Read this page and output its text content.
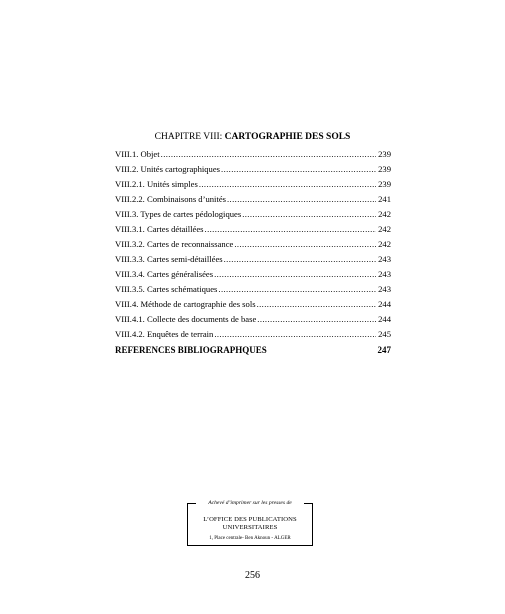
CHAPITRE VIII: CARTOGRAPHIE DES SOLS
VIII.1. Objet .....	239
VIII.2. Unités cartographiques .....	239
VIII.2.1. Unités simples .....	239
VIII.2.2. Combinaisons d’unités .....	241
VIII.3. Types de cartes pédologiques .....	242
VIII.3.1. Cartes détaillées .....	242
VIII.3.2. Cartes de reconnaissance .....	242
VIII.3.3. Cartes semi-détaillées .....	243
VIII.3.4. Cartes généralisées .....	243
VIII.3.5. Cartes schématiques .....	243
VIII.4. Méthode de cartographie des sols .....	244
VIII.4.1. Collecte des documents de base .....	244
VIII.4.2. Enquêtes de terrain .....	245
REFERENCES BIBLIOGRAPHQUES	247
Achevé d’imprimer sur les presses de
L’OFFICE DES PUBLICATIONS
UNIVERSITAIRES
1, Place centrale- Ben Aknoun - ALGER
256
